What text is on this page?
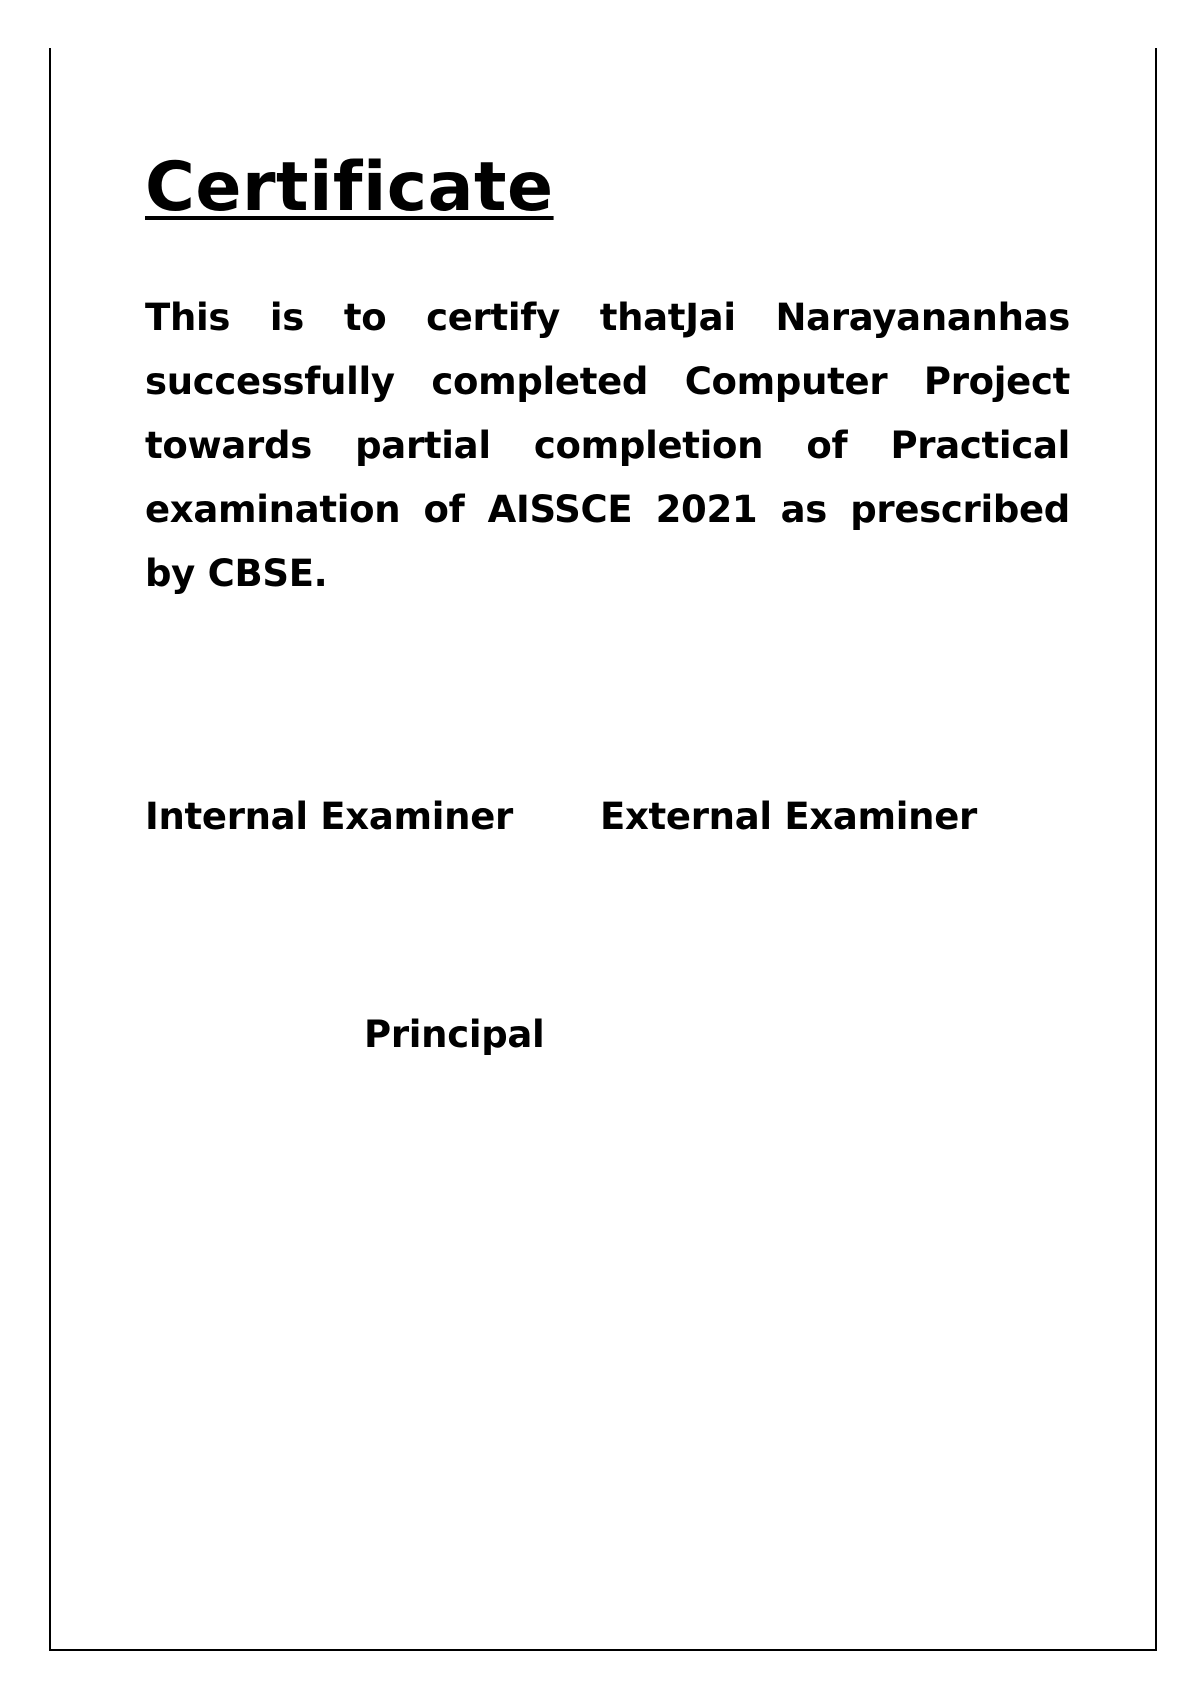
Certificate

This is to certify thatJai Narayananhas successfully completed Computer Project towards partial completion of Practical examination of AISSCE 2021 as prescribed by CBSE.

Internal Examiner External Examiner
Principal
